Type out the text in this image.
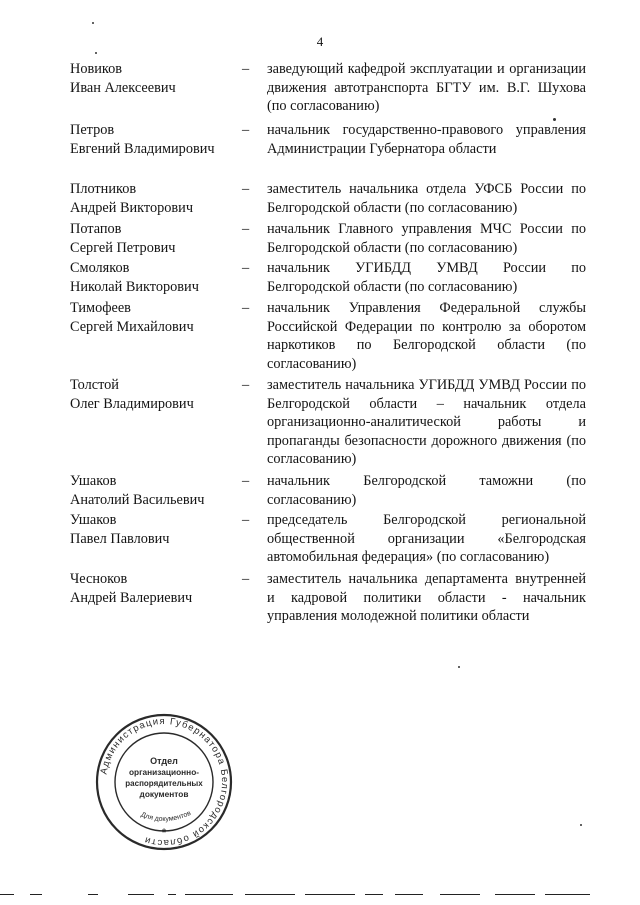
4
Новиков
Иван Алексеевич
– заведующий кафедрой эксплуатации и организации движения автотранспорта БГТУ им. В.Г. Шухова (по согласованию)
Петров
Евгений Владимирович
– начальник государственно-правового управления Администрации Губернатора области
Плотников
Андрей Викторович
– заместитель начальника отдела УФСБ России по Белгородской области (по согласованию)
Потапов
Сергей Петрович
– начальник Главного управления МЧС России по Белгородской области (по согласованию)
Смоляков
Николай Викторович
– начальник УГИБДД УМВД России по Белгородской области (по согласованию)
Тимофеев
Сергей Михайлович
– начальник Управления Федеральной службы Российской Федерации по контролю за оборотом наркотиков по Белгородской области (по согласованию)
Толстой
Олег Владимирович
– заместитель начальника УГИБДД УМВД России по Белгородской области – начальник отдела организационно-аналитической работы и пропаганды безопасности дорожного движения (по согласованию)
Ушаков
Анатолий Васильевич
– начальник Белгородской таможни (по согласованию)
Ушаков
Павел Павлович
– председатель Белгородской региональной общественной организации «Белгородская автомобильная федерация» (по согласованию)
Чесноков
Андрей Валериевич
– заместитель начальника департамента внутренней и кадровой политики области - начальник управления молодежной политики области
Администрация Губернатора Белгородской области
Отдел
организационно-
распорядительных
документов
Для документов
*
